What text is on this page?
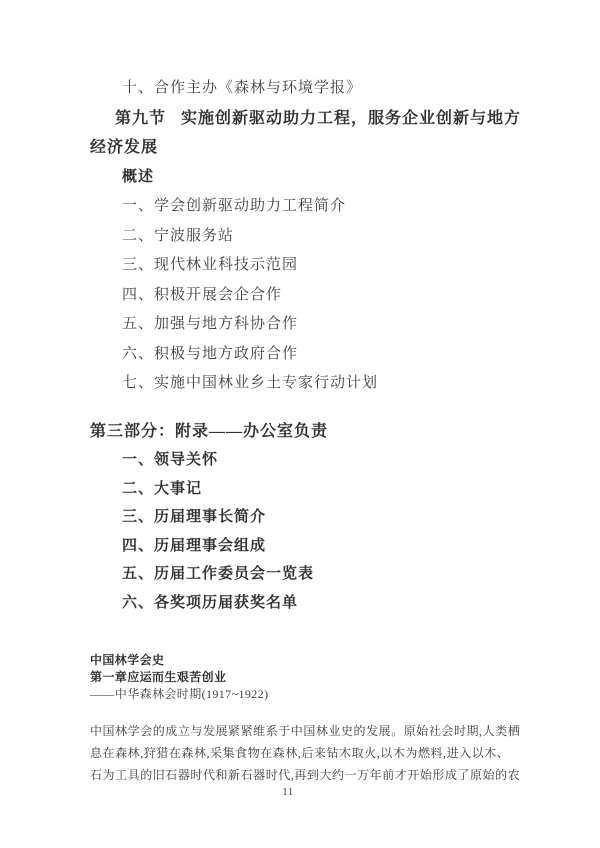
十、合作主办《森林与环境学报》
第九节 实施创新驱动助力工程，服务企业创新与地方
经济发展
概述
一、学会创新驱动助力工程简介
二、宁波服务站
三、现代林业科技示范园
四、积极开展会企合作
五、加强与地方科协合作
六、积极与地方政府合作
七、实施中国林业乡土专家行动计划
第三部分：附录——办公室负责
一、领导关怀
二、大事记
三、历届理事长简介
四、历届理事会组成
五、历届工作委员会一览表
六、各奖项历届获奖名单
中国林学会史
第一章应运而生艰苦创业
——中华森林会时期(1917~1922)
中国林学会的成立与发展紧紧维系于中国林业史的发展。原始社会时期,人类栖
息在森林,狩猎在森林,采集食物在森林,后来钻木取火,以木为燃料,进入以木、
石为工具的旧石器时代和新石器时代,再到大约一万年前才开始形成了原始的农
11
